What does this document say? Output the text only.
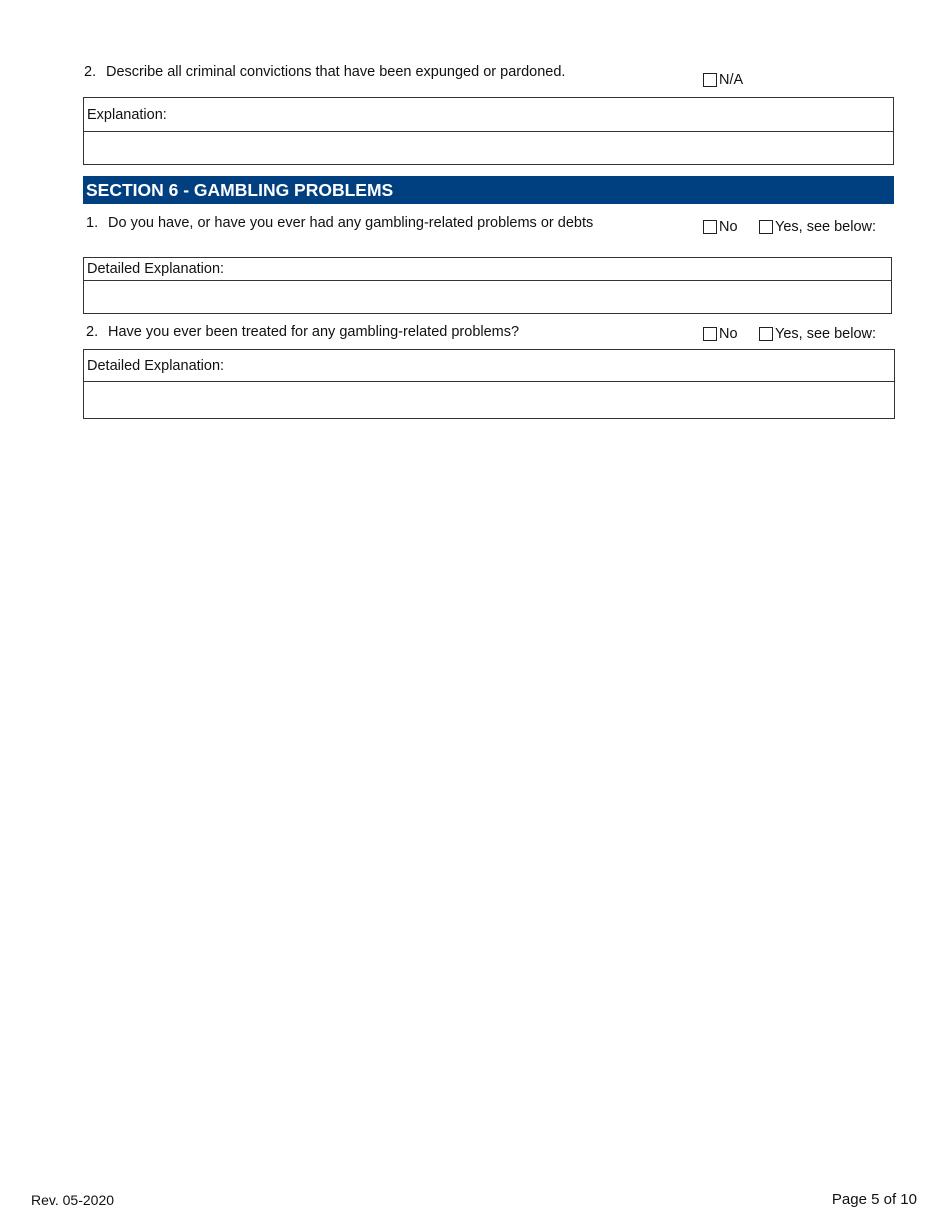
2. Describe all criminal convictions that have been expunged or pardoned.	N/A
Explanation:
SECTION 6 - GAMBLING PROBLEMS
1. Do you have, or have you ever had any gambling-related problems or debts	No	Yes, see below:
Detailed Explanation:
2. Have you ever been treated for any gambling-related problems?	No	Yes, see below:
Detailed Explanation:
Rev. 05-2020	Page 5 of 10
